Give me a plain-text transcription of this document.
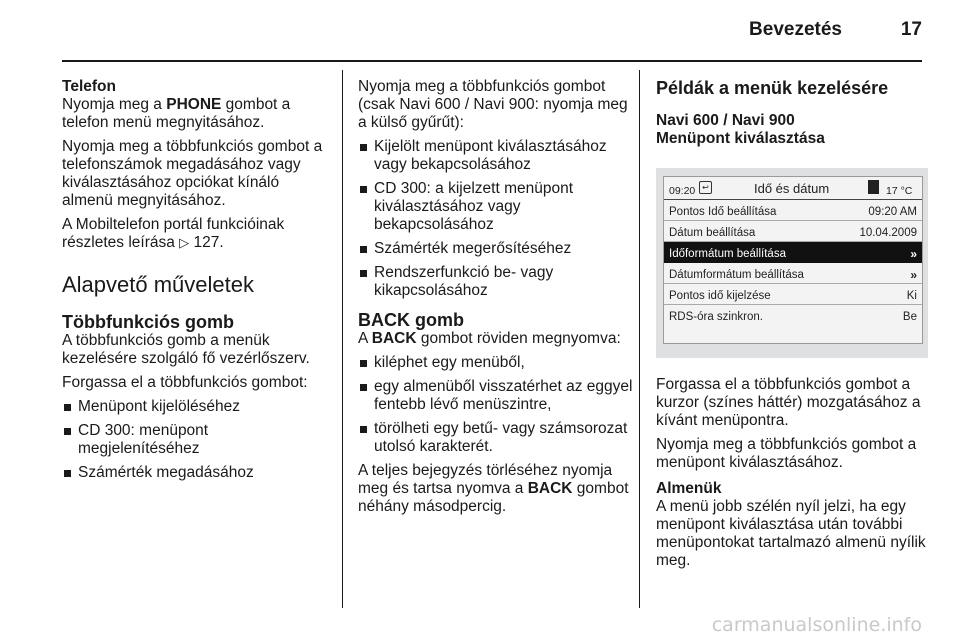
Bevezetés	17

Telefon

Nyomja meg a PHONE gombot a telefon menü megnyitásához.

Nyomja meg a többfunkciós gombot a telefonszámok megadásához vagy kiválasztásához opciókat kínáló almenü megnyitásához.

A Mobiltelefon portál funkcióinak részletes leírása ▷ 127.

Alapvető műveletek
Többfunkciós gomb

A többfunkciós gomb a menük kezelésére szolgáló fő vezérlőszerv.

Forgassa el a többfunkciós gombot:

Menüpont kijelöléséhez
CD 300: menüpont megjelenítéséhez
Számérték megadásához

Nyomja meg a többfunkciós gombot (csak Navi 600 / Navi 900: nyomja meg a külső gyűrűt):

Kijelölt menüpont kiválasztásához vagy bekapcsolásához
CD 300: a kijelzett menüpont kiválasztásához vagy bekapcsolásához
Számérték megerősítéséhez
Rendszerfunkció be- vagy kikapcsolásához
BACK gomb

A BACK gombot röviden megnyomva:

kiléphet egy menüből,
egy almenüből visszatérhet az eggyel fentebb lévő menüszintre,
törölheti egy betű- vagy számsorozat utolsó karakterét.

A teljes bejegyzés törléséhez nyomja meg és tartsa nyomva a BACK gombot néhány másodpercig.

Példák a menük kezelésére

Navi 600 / Navi 900

Menüpont kiválasztása

09:20 ↩	Idő és dátum	17 °C
Pontos Idő beállítása	09:20 AM
Dátum beállítása	10.04.2009
Időformátum beállítása	»
Dátumformátum beállítása	»
Pontos idő kijelzése	Ki
RDS-óra szinkron.	Be

Forgassa el a többfunkciós gombot a kurzor (színes háttér) mozgatásához a kívánt menüpontra.

Nyomja meg a többfunkciós gombot a menüpont kiválasztásához.

Almenük

A menü jobb szélén nyíl jelzi, ha egy menüpont kiválasztása után további menüpontokat tartalmazó almenü nyílik meg.

carmanualsonline.info
